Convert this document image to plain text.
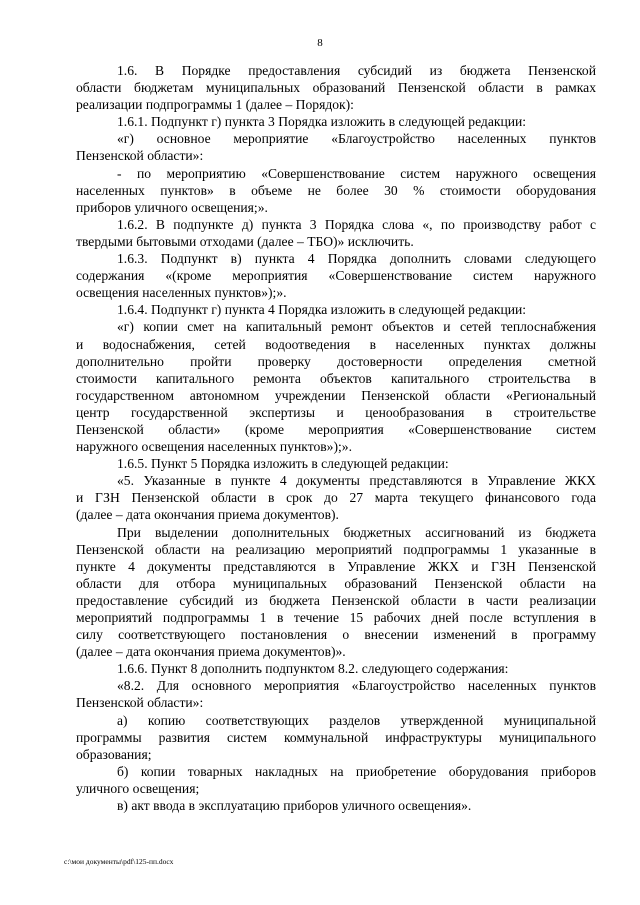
8

1.6. В Порядке предоставления субсидий из бюджета Пензенской

области бюджетам муниципальных образований Пензенской области в рамках

реализации подпрограммы 1 (далее – Порядок):

1.6.1. Подпункт г) пункта 3 Порядка изложить в следующей редакции:

«г) основное мероприятие «Благоустройство населенных пунктов

Пензенской области»:

- по мероприятию «Совершенствование систем наружного освещения

населенных пунктов» в объеме не более 30 % стоимости оборудования

приборов уличного освещения;».

1.6.2. В подпункте д) пункта 3 Порядка слова «, по производству работ с

твердыми бытовыми отходами (далее – ТБО)» исключить.

1.6.3. Подпункт в) пункта 4 Порядка дополнить словами следующего

содержания «(кроме мероприятия «Совершенствование систем наружного

освещения населенных пунктов»);».

1.6.4. Подпункт г) пункта 4 Порядка изложить в следующей редакции:

«г) копии смет на капитальный ремонт объектов и сетей теплоснабжения

и водоснабжения, сетей водоотведения в населенных пунктах должны

дополнительно пройти проверку достоверности определения сметной

стоимости капитального ремонта объектов капитального строительства в

государственном автономном учреждении Пензенской области «Региональный

центр государственной экспертизы и ценообразования в строительстве

Пензенской области» (кроме мероприятия «Совершенствование систем

наружного освещения населенных пунктов»);».

1.6.5. Пункт 5 Порядка изложить в следующей редакции:

«5. Указанные в пункте 4 документы представляются в Управление ЖКХ

и ГЗН Пензенской области в срок до 27 марта текущего финансового года

(далее – дата окончания приема документов).

При выделении дополнительных бюджетных ассигнований из бюджета

Пензенской области на реализацию мероприятий подпрограммы 1 указанные в

пункте 4 документы представляются в Управление ЖКХ и ГЗН Пензенской

области для отбора муниципальных образований Пензенской области на

предоставление субсидий из бюджета Пензенской области в части реализации

мероприятий подпрограммы 1 в течение 15 рабочих дней после вступления в

силу соответствующего постановления о внесении изменений в программу

(далее – дата окончания приема документов)».

1.6.6. Пункт 8 дополнить подпунктом 8.2. следующего содержания:

«8.2. Для основного мероприятия «Благоустройство населенных пунктов

Пензенской области»:

а) копию соответствующих разделов утвержденной муниципальной

программы развития систем коммунальной инфраструктуры муниципального

образования;

б) копии товарных накладных на приобретение оборудования приборов

уличного освещения;

в) акт ввода в эксплуатацию приборов уличного освещения».

c:\мои документы\pdf\125-пп.docx
